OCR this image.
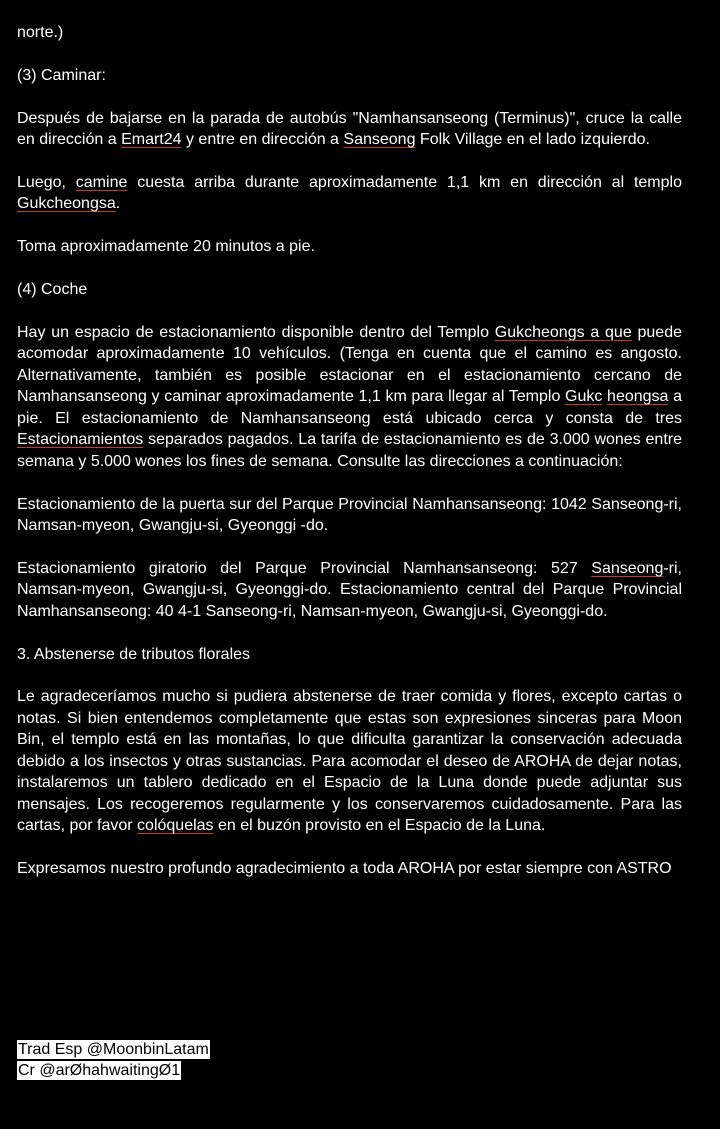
norte.)

(3) Caminar:

Después de bajarse en la parada de autobús "Namhansanseong (Terminus)", cruce la calle en dirección a Emart24 y entre en dirección a Sanseong Folk Village en el lado izquierdo.

Luego, camine cuesta arriba durante aproximadamente 1,1 km en dirección al templo Gukcheongsa.

Toma aproximadamente 20 minutos a pie.

(4) Coche

Hay un espacio de estacionamiento disponible dentro del Templo Gukcheongs a que puede acomodar aproximadamente 10 vehículos. (Tenga en cuenta que el camino es angosto. Alternativamente, también es posible estacionar en el estacionamiento cercano de Namhansanseong y caminar aproximadamente 1,1 km para llegar al Templo Gukc heongsa a pie. El estacionamiento de Namhansanseong está ubicado cerca y consta de tres Estacionamientos separados pagados. La tarifa de estacionamiento es de 3.000 wones entre semana y 5.000 wones los fines de semana. Consulte las direcciones a continuación:

Estacionamiento de la puerta sur del Parque Provincial Namhansanseong: 1042 Sanseong-ri, Namsan-myeon, Gwangju-si, Gyeonggi -do.

Estacionamiento giratorio del Parque Provincial Namhansanseong: 527 Sanseong-ri, Namsan-myeon, Gwangju-si, Gyeonggi-do. Estacionamiento central del Parque Provincial Namhansanseong: 40 4-1 Sanseong-ri, Namsan-myeon, Gwangju-si, Gyeonggi-do.

3. Abstenerse de tributos florales

Le agradeceríamos mucho si pudiera abstenerse de traer comida y flores, excepto cartas o notas. Si bien entendemos completamente que estas son expresiones sinceras para Moon Bin, el templo está en las montañas, lo que dificulta garantizar la conservación adecuada debido a los insectos y otras sustancias. Para acomodar el deseo de AROHA de dejar notas, instalaremos un tablero dedicado en el Espacio de la Luna donde puede adjuntar sus mensajes. Los recogeremos regularmente y los conservaremos cuidadosamente. Para las cartas, por favor colóquelas en el buzón provisto en el Espacio de la Luna.

Expresamos nuestro profundo agradecimiento a toda AROHA por estar siempre con ASTRO

Trad Esp @MoonbinLatam
Cr @arØhahwaitingØ1
